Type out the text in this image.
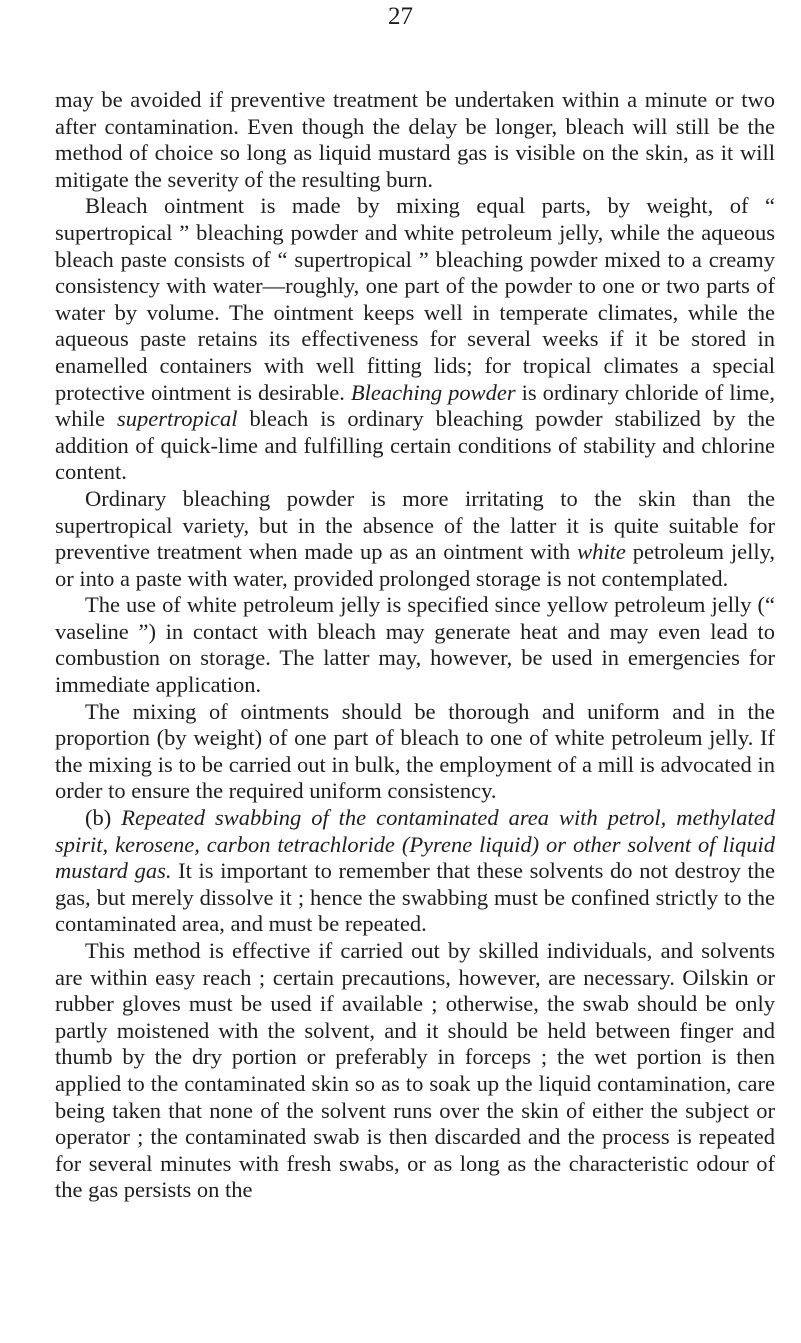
27

may be avoided if preventive treatment be undertaken within a minute or two after contamination. Even though the delay be longer, bleach will still be the method of choice so long as liquid mustard gas is visible on the skin, as it will mitigate the severity of the resulting burn.

Bleach ointment is made by mixing equal parts, by weight, of “ supertropical ” bleaching powder and white petroleum jelly, while the aqueous bleach paste consists of “ supertropical ” bleaching powder mixed to a creamy consistency with water—roughly, one part of the powder to one or two parts of water by volume. The ointment keeps well in temperate climates, while the aqueous paste retains its effectiveness for several weeks if it be stored in enamelled containers with well fitting lids; for tropical climates a special protective ointment is desirable. Bleaching powder is ordinary chloride of lime, while supertropical bleach is ordinary bleaching powder stabilized by the addition of quick-lime and fulfilling certain conditions of stability and chlorine content.

Ordinary bleaching powder is more irritating to the skin than the supertropical variety, but in the absence of the latter it is quite suitable for preventive treatment when made up as an ointment with white petroleum jelly, or into a paste with water, provided prolonged storage is not contemplated.

The use of white petroleum jelly is specified since yellow petroleum jelly (“ vaseline ”) in contact with bleach may generate heat and may even lead to combustion on storage. The latter may, however, be used in emergencies for immediate application.

The mixing of ointments should be thorough and uniform and in the proportion (by weight) of one part of bleach to one of white petroleum jelly. If the mixing is to be carried out in bulk, the employment of a mill is advocated in order to ensure the required uniform consistency.

(b) Repeated swabbing of the contaminated area with petrol, methylated spirit, kerosene, carbon tetrachloride (Pyrene liquid) or other solvent of liquid mustard gas. It is important to remember that these solvents do not destroy the gas, but merely dissolve it ; hence the swabbing must be confined strictly to the contaminated area, and must be repeated.

This method is effective if carried out by skilled individuals, and solvents are within easy reach ; certain precautions, however, are necessary. Oilskin or rubber gloves must be used if available ; otherwise, the swab should be only partly moistened with the solvent, and it should be held between finger and thumb by the dry portion or preferably in forceps ; the wet portion is then applied to the contaminated skin so as to soak up the liquid contamination, care being taken that none of the solvent runs over the skin of either the subject or operator ; the contaminated swab is then discarded and the process is repeated for several minutes with fresh swabs, or as long as the characteristic odour of the gas persists on the
